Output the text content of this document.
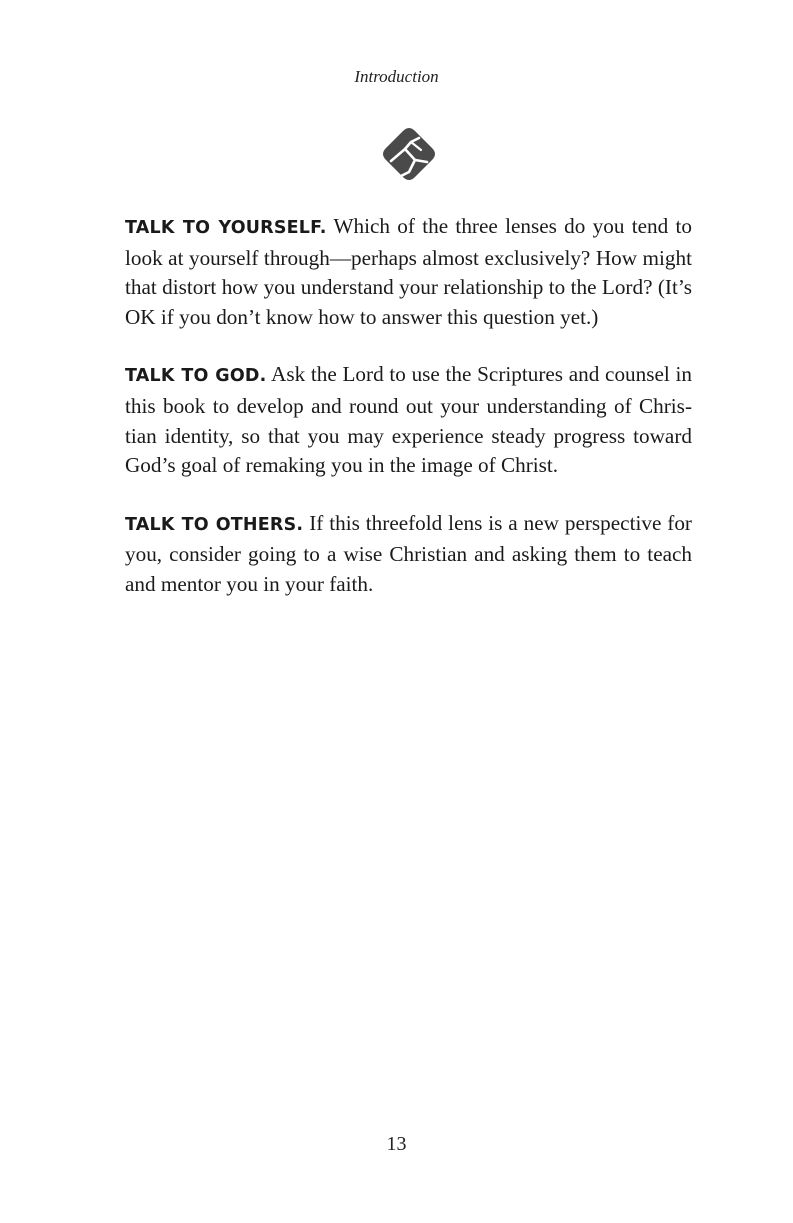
Introduction

TALK TO YOURSELF. Which of the three lenses do you tend to look at yourself through—perhaps almost exclusively? How might that distort how you understand your relationship to the Lord? (It’s OK if you don’t know how to answer this question yet.)

TALK TO GOD. Ask the Lord to use the Scriptures and counsel in this book to develop and round out your understanding of Christian identity, so that you may experience steady progress toward God’s goal of remaking you in the image of Christ.

TALK TO OTHERS. If this threefold lens is a new perspective for you, consider going to a wise Christian and asking them to teach and mentor you in your faith.

13
